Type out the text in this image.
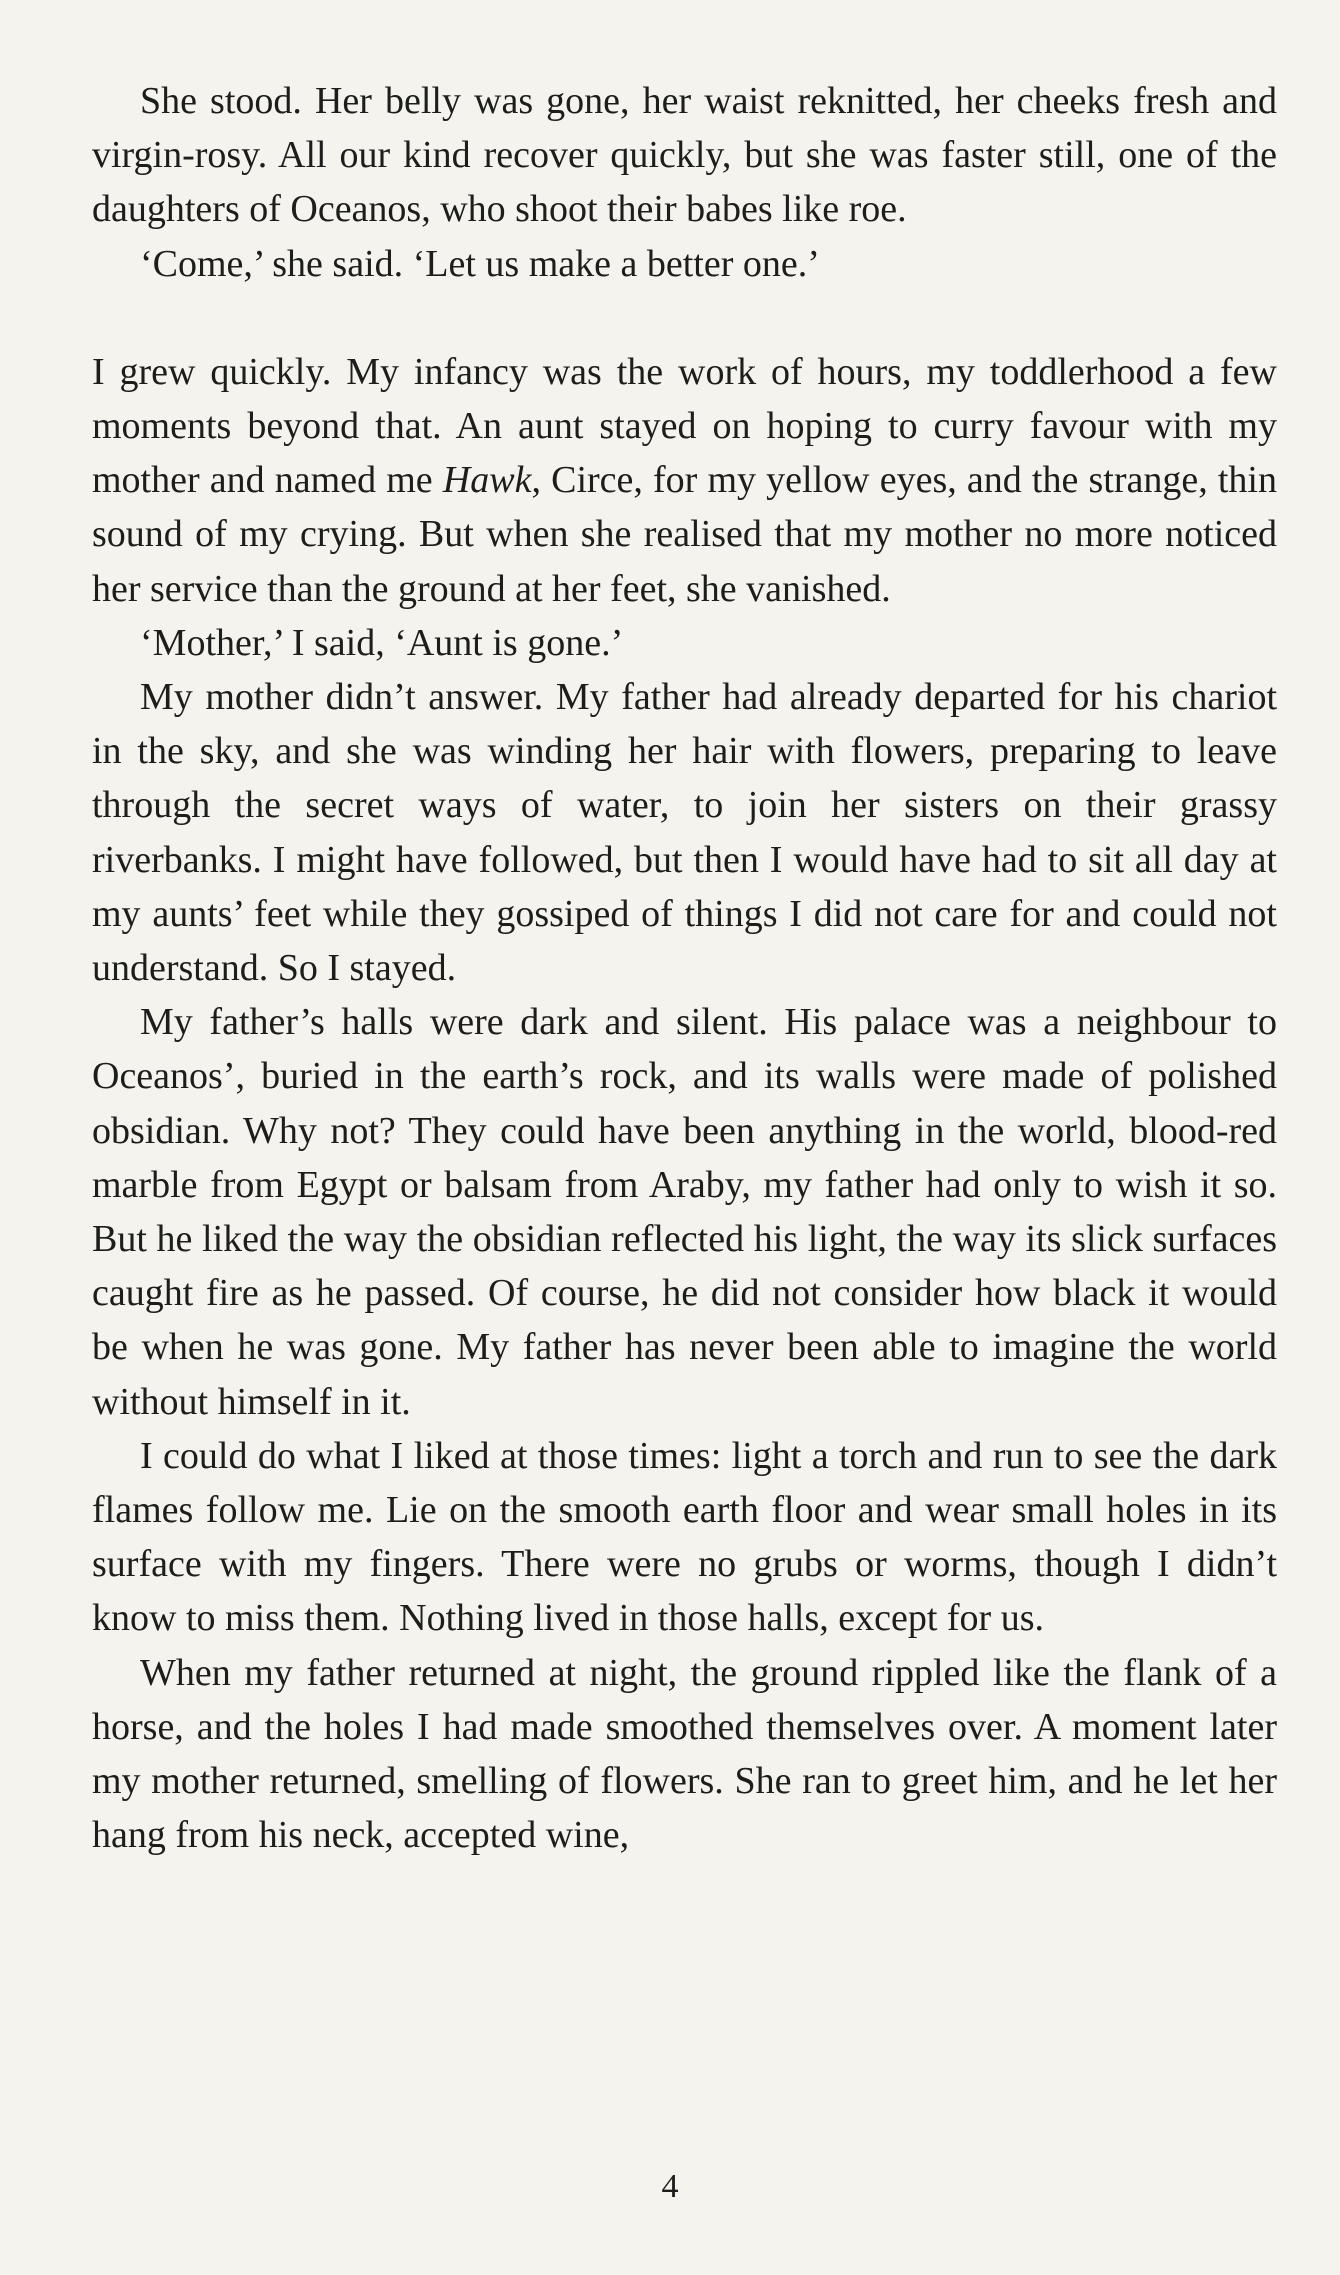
She stood. Her belly was gone, her waist reknitted, her cheeks fresh and virgin-rosy. All our kind recover quickly, but she was faster still, one of the daughters of Oceanos, who shoot their babes like roe.

‘Come,’ she said. ‘Let us make a better one.’

I grew quickly. My infancy was the work of hours, my toddlerhood a few moments beyond that. An aunt stayed on hoping to curry favour with my mother and named me Hawk, Circe, for my yellow eyes, and the strange, thin sound of my crying. But when she realised that my mother no more noticed her service than the ground at her feet, she vanished.

‘Mother,’ I said, ‘Aunt is gone.’

My mother didn’t answer. My father had already departed for his chariot in the sky, and she was winding her hair with flowers, preparing to leave through the secret ways of water, to join her sisters on their grassy riverbanks. I might have followed, but then I would have had to sit all day at my aunts’ feet while they gossiped of things I did not care for and could not understand. So I stayed.

My father’s halls were dark and silent. His palace was a neighbour to Oceanos’, buried in the earth’s rock, and its walls were made of polished obsidian. Why not? They could have been anything in the world, blood-red marble from Egypt or balsam from Araby, my father had only to wish it so. But he liked the way the obsidian reflected his light, the way its slick surfaces caught fire as he passed. Of course, he did not consider how black it would be when he was gone. My father has never been able to imagine the world without himself in it.

I could do what I liked at those times: light a torch and run to see the dark flames follow me. Lie on the smooth earth floor and wear small holes in its surface with my fingers. There were no grubs or worms, though I didn’t know to miss them. Nothing lived in those halls, except for us.

When my father returned at night, the ground rippled like the flank of a horse, and the holes I had made smoothed themselves over. A moment later my mother returned, smelling of flowers. She ran to greet him, and he let her hang from his neck, accepted wine,

4
